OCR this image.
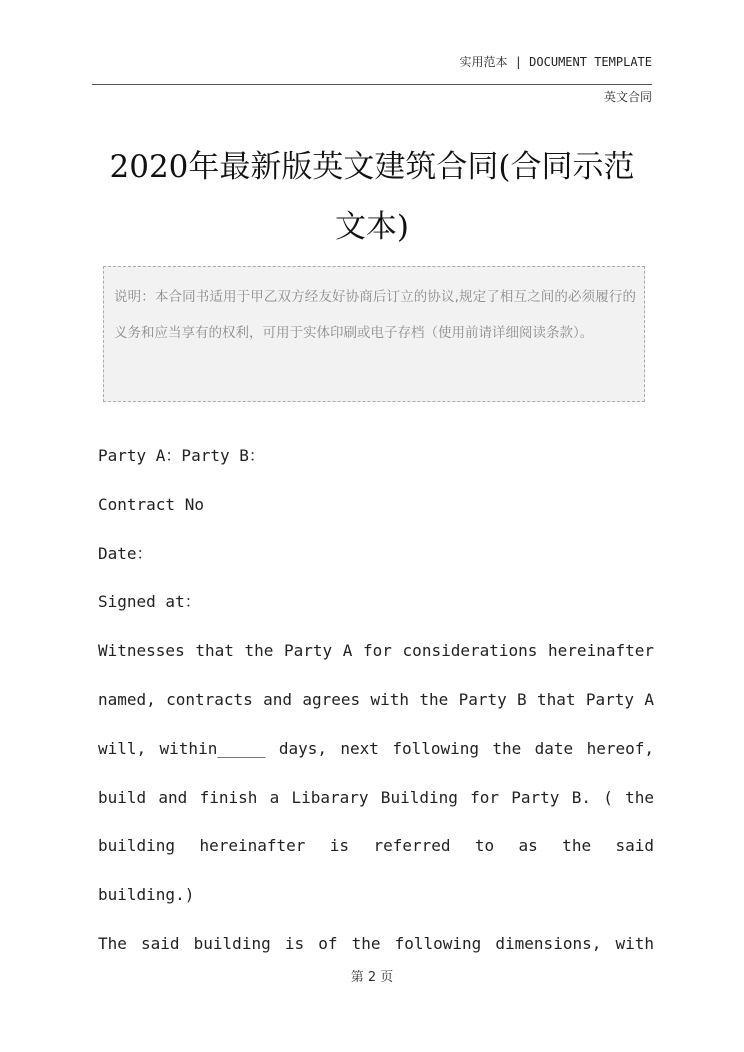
实用范本 | DOCUMENT TEMPLATE
英文合同
2020年最新版英文建筑合同(合同示范文本)
说明：本合同书适用于甲乙双方经友好协商后订立的协议,规定了相互之间的必须履行的义务和应当享有的权利，可用于实体印刷或电子存档（使用前请详细阅读条款）。

Party A：Party B：

Contract No

Date：

Signed at：

Witnesses that the Party A for considerations hereinafter

named, contracts and agrees with the Party B that Party A

will, within_____ days, next following the date hereof,

build and finish a Libarary Building for Party B. ( the

building hereinafter is referred to as the said building.)

The said building is of the following dimensions, with

第 2 页
